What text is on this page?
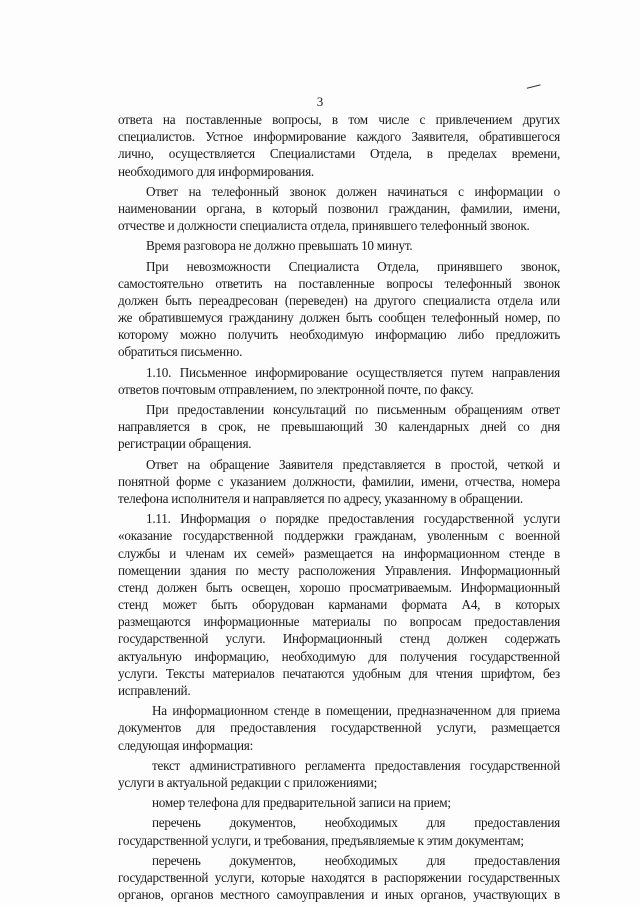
3
ответа на поставленные вопросы, в том числе с привлечением других
специалистов. Устное информирование каждого Заявителя, обратившегося
лично, осуществляется Специалистами Отдела, в пределах времени,
необходимого для информирования.
Ответ на телефонный звонок должен начинаться с информации о
наименовании органа, в который позвонил гражданин, фамилии, имени,
отчестве и должности специалиста отдела, принявшего телефонный звонок.
Время разговора не должно превышать 10 минут.
При невозможности Специалиста Отдела, принявшего звонок,
самостоятельно ответить на поставленные вопросы телефонный звонок
должен быть переадресован (переведен) на другого специалиста отдела или
же обратившемуся гражданину должен быть сообщен телефонный номер, по
которому можно получить необходимую информацию либо предложить
обратиться письменно.
1.10. Письменное информирование осуществляется путем направления
ответов почтовым отправлением, по электронной почте, по факсу.
При предоставлении консультаций по письменным обращениям ответ
направляется в срок, не превышающий 30 календарных дней со дня
регистрации обращения.
Ответ на обращение Заявителя представляется в простой, четкой и
понятной форме с указанием должности, фамилии, имени, отчества, номера
телефона исполнителя и направляется по адресу, указанному в обращении.
1.11. Информация о порядке предоставления государственной услуги
«оказание государственной поддержки гражданам, уволенным с военной
службы и членам их семей» размещается на информационном стенде в
помещении здания по месту расположения Управления. Информационный
стенд должен быть освещен, хорошо просматриваемым. Информационный
стенд может быть оборудован карманами формата А4, в которых
размещаются информационные материалы по вопросам предоставления
государственной услуги. Информационный стенд должен содержать
актуальную информацию, необходимую для получения государственной
услуги. Тексты материалов печатаются удобным для чтения шрифтом, без
исправлений.
На информационном стенде в помещении, предназначенном для приема
документов для предоставления государственной услуги, размещается
следующая информация:
текст административного регламента предоставления государственной
услуги в актуальной редакции с приложениями;
номер телефона для предварительной записи на прием;
перечень документов, необходимых для предоставления
государственной услуги, и требования, предъявляемые к этим документам;
перечень документов, необходимых для предоставления
государственной услуги, которые находятся в распоряжении государственных
органов, органов местного самоуправления и иных органов, участвующих в
